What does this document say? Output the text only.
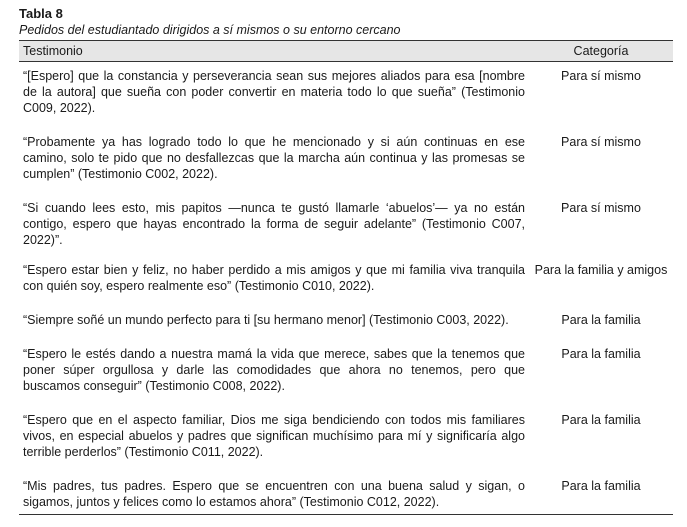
Tabla 8

Pedidos del estudiantado dirigidos a sí mismos o su entorno cercano

Testimonio	Categoría
“[Espero] que la constancia y perseverancia sean sus mejores aliados para esa [nombre de la autora] que sueña con poder convertir en materia todo lo que sueña” (Testimonio C009, 2022).	Para sí mismo
“Probamente ya has logrado todo lo que he mencionado y si aún continuas en ese camino, solo te pido que no desfallezcas que la marcha aún continua y las promesas se cumplen” (Testimonio C002, 2022).	Para sí mismo
“Si cuando lees esto, mis papitos —nunca te gustó llamarle ‘abuelos’— ya no están contigo, espero que hayas encontrado la forma de seguir adelante” (Testimonio C007, 2022)”.	Para sí mismo
“Espero estar bien y feliz, no haber perdido a mis amigos y que mi familia viva tranquila con quién soy, espero realmente eso” (Testimonio C010, 2022).	Para la familia y amigos
“Siempre soñé un mundo perfecto para ti [su hermano menor] (Testimonio C003, 2022).	Para la familia
“Espero le estés dando a nuestra mamá la vida que merece, sabes que la tenemos que poner súper orgullosa y darle las comodidades que ahora no tenemos, pero que buscamos conseguir” (Testimonio C008, 2022).	Para la familia
“Espero que en el aspecto familiar, Dios me siga bendiciendo con todos mis familiares vivos, en especial abuelos y padres que significan muchísimo para mí y significaría algo terrible perderlos” (Testimonio C011, 2022).	Para la familia
“Mis padres, tus padres. Espero que se encuentren con una buena salud y sigan, o sigamos, juntos y felices como lo estamos ahora” (Testimonio C012, 2022).	Para la familia
